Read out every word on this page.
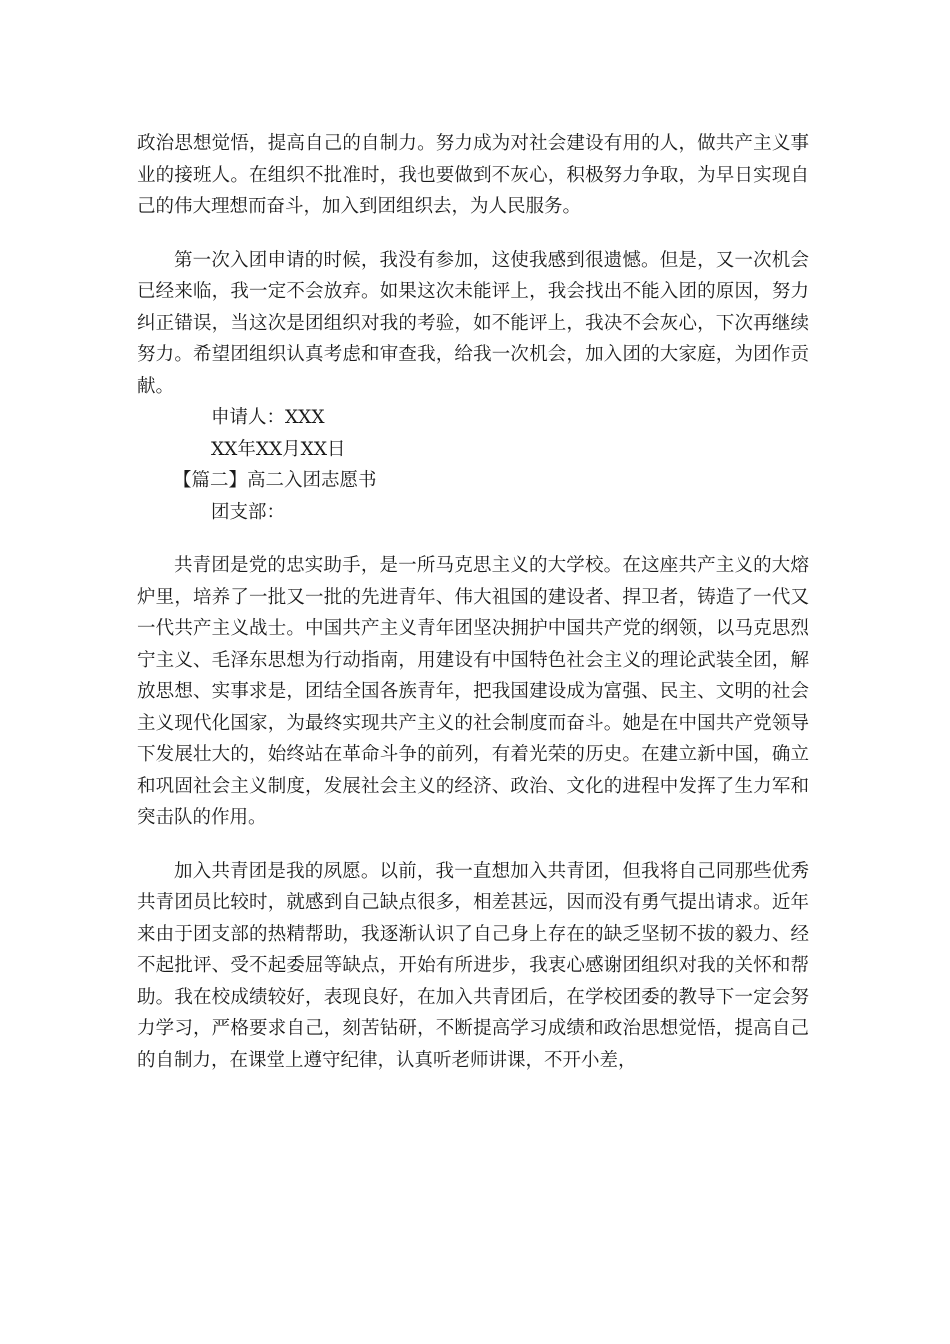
政治思想觉悟，提高自己的自制力。努力成为对社会建设有用的人，做共产主义事业的接班人。在组织不批准时，我也要做到不灰心，积极努力争取，为早日实现自己的伟大理想而奋斗，加入到团组织去，为人民服务。

第一次入团申请的时候，我没有参加，这使我感到很遗憾。但是，又一次机会已经来临，我一定不会放弃。如果这次未能评上，我会找出不能入团的原因，努力纠正错误，当这次是团组织对我的考验，如不能评上，我决不会灰心，下次再继续努力。希望团组织认真考虑和审查我，给我一次机会，加入团的大家庭，为团作贡献。

申请人：XXX

XX年XX月XX日

【篇二】高二入团志愿书

团支部：

共青团是党的忠实助手，是一所马克思主义的大学校。在这座共产主义的大熔炉里，培养了一批又一批的先进青年、伟大祖国的建设者、捍卫者，铸造了一代又一代共产主义战士。中国共产主义青年团坚决拥护中国共产党的纲领，以马克思烈宁主义、毛泽东思想为行动指南，用建设有中国特色社会主义的理论武装全团，解放思想、实事求是，团结全国各族青年，把我国建设成为富强、民主、文明的社会主义现代化国家，为最终实现共产主义的社会制度而奋斗。她是在中国共产党领导下发展壮大的，始终站在革命斗争的前列，有着光荣的历史。在建立新中国，确立和巩固社会主义制度，发展社会主义的经济、政治、文化的进程中发挥了生力军和突击队的作用。

加入共青团是我的夙愿。以前，我一直想加入共青团，但我将自己同那些优秀共青团员比较时，就感到自己缺点很多，相差甚远，因而没有勇气提出请求。近年来由于团支部的热精帮助，我逐渐认识了自己身上存在的缺乏坚韧不拔的毅力、经不起批评、受不起委屈等缺点，开始有所进步，我衷心感谢团组织对我的关怀和帮助。我在校成绩较好，表现良好，在加入共青团后，在学校团委的教导下一定会努力学习，严格要求自己，刻苦钻研，不断提高学习成绩和政治思想觉悟，提高自己的自制力，在课堂上遵守纪律，认真听老师讲课，不开小差，
